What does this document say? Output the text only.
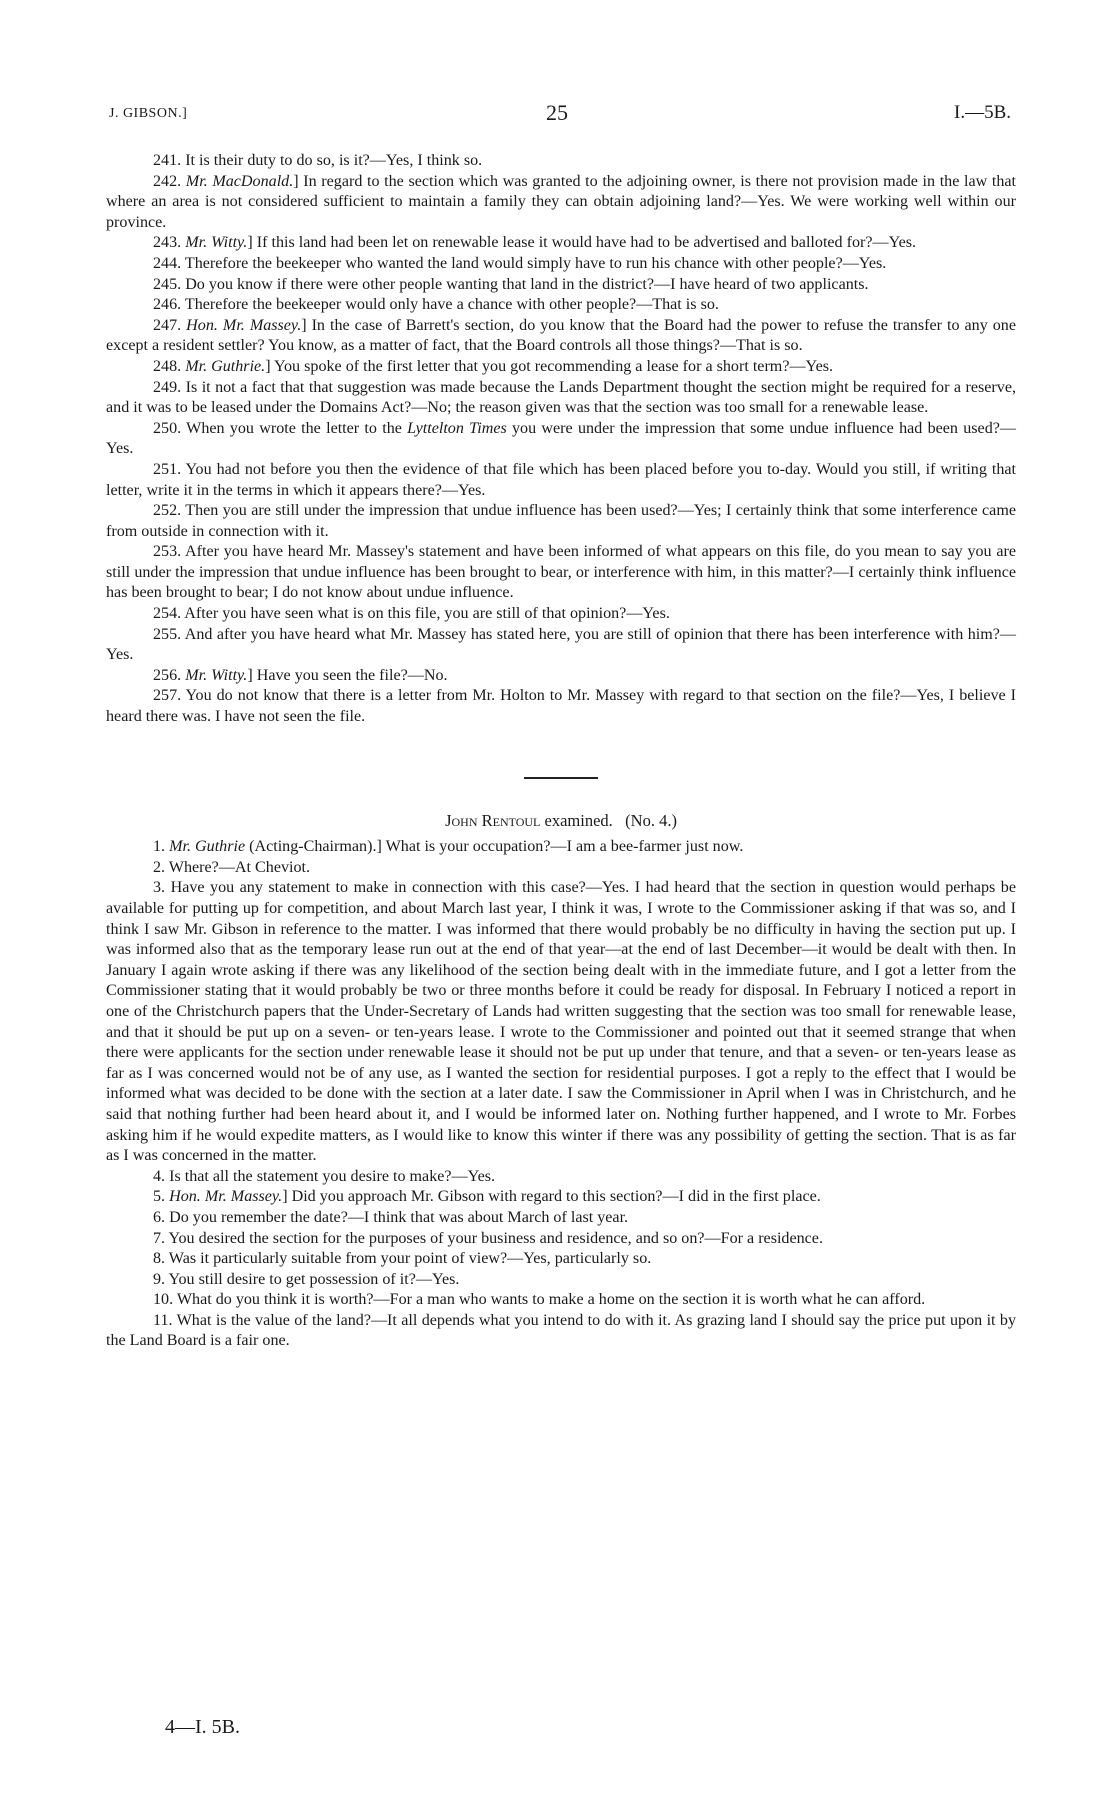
J. GIBSON.]	25	I.—5B.

241. It is their duty to do so, is it?—Yes, I think so.

242. Mr. MacDonald.] In regard to the section which was granted to the adjoining owner, is there not provision made in the law that where an area is not considered sufficient to maintain a family they can obtain adjoining land?—Yes. We were working well within our province.

243. Mr. Witty.] If this land had been let on renewable lease it would have had to be advertised and balloted for?—Yes.

244. Therefore the beekeeper who wanted the land would simply have to run his chance with other people?—Yes.

245. Do you know if there were other people wanting that land in the district?—I have heard of two applicants.

246. Therefore the beekeeper would only have a chance with other people?—That is so.

247. Hon. Mr. Massey.] In the case of Barrett's section, do you know that the Board had the power to refuse the transfer to any one except a resident settler? You know, as a matter of fact, that the Board controls all those things?—That is so.

248. Mr. Guthrie.] You spoke of the first letter that you got recommending a lease for a short term?—Yes.

249. Is it not a fact that that suggestion was made because the Lands Department thought the section might be required for a reserve, and it was to be leased under the Domains Act?—No; the reason given was that the section was too small for a renewable lease.

250. When you wrote the letter to the Lyttelton Times you were under the impression that some undue influence had been used?—Yes.

251. You had not before you then the evidence of that file which has been placed before you to-day. Would you still, if writing that letter, write it in the terms in which it appears there?—Yes.

252. Then you are still under the impression that undue influence has been used?—Yes; I certainly think that some interference came from outside in connection with it.

253. After you have heard Mr. Massey's statement and have been informed of what appears on this file, do you mean to say you are still under the impression that undue influence has been brought to bear, or interference with him, in this matter?—I certainly think influence has been brought to bear; I do not know about undue influence.

254. After you have seen what is on this file, you are still of that opinion?—Yes.

255. And after you have heard what Mr. Massey has stated here, you are still of opinion that there has been interference with him?—Yes.

256. Mr. Witty.] Have you seen the file?—No.

257. You do not know that there is a letter from Mr. Holton to Mr. Massey with regard to that section on the file?—Yes, I believe I heard there was. I have not seen the file.

John Rentoul examined. (No. 4.)

1. Mr. Guthrie (Acting-Chairman).] What is your occupation?—I am a bee-farmer just now.

2. Where?—At Cheviot.

3. Have you any statement to make in connection with this case?—Yes. I had heard that the section in question would perhaps be available for putting up for competition, and about March last year, I think it was, I wrote to the Commissioner asking if that was so, and I think I saw Mr. Gibson in reference to the matter. I was informed that there would probably be no difficulty in having the section put up. I was informed also that as the temporary lease run out at the end of that year—at the end of last December—it would be dealt with then. In January I again wrote asking if there was any likelihood of the section being dealt with in the immediate future, and I got a letter from the Commissioner stating that it would probably be two or three months before it could be ready for disposal. In February I noticed a report in one of the Christchurch papers that the Under-Secretary of Lands had written suggesting that the section was too small for renewable lease, and that it should be put up on a seven- or ten-years lease. I wrote to the Commissioner and pointed out that it seemed strange that when there were applicants for the section under renewable lease it should not be put up under that tenure, and that a seven- or ten-years lease as far as I was concerned would not be of any use, as I wanted the section for residential purposes. I got a reply to the effect that I would be informed what was decided to be done with the section at a later date. I saw the Commissioner in April when I was in Christchurch, and he said that nothing further had been heard about it, and I would be informed later on. Nothing further happened, and I wrote to Mr. Forbes asking him if he would expedite matters, as I would like to know this winter if there was any possibility of getting the section. That is as far as I was concerned in the matter.

4. Is that all the statement you desire to make?—Yes.

5. Hon. Mr. Massey.] Did you approach Mr. Gibson with regard to this section?—I did in the first place.

6. Do you remember the date?—I think that was about March of last year.

7. You desired the section for the purposes of your business and residence, and so on?—For a residence.

8. Was it particularly suitable from your point of view?—Yes, particularly so.

9. You still desire to get possession of it?—Yes.

10. What do you think it is worth?—For a man who wants to make a home on the section it is worth what he can afford.

11. What is the value of the land?—It all depends what you intend to do with it. As grazing land I should say the price put upon it by the Land Board is a fair one.

4—I. 5B.
